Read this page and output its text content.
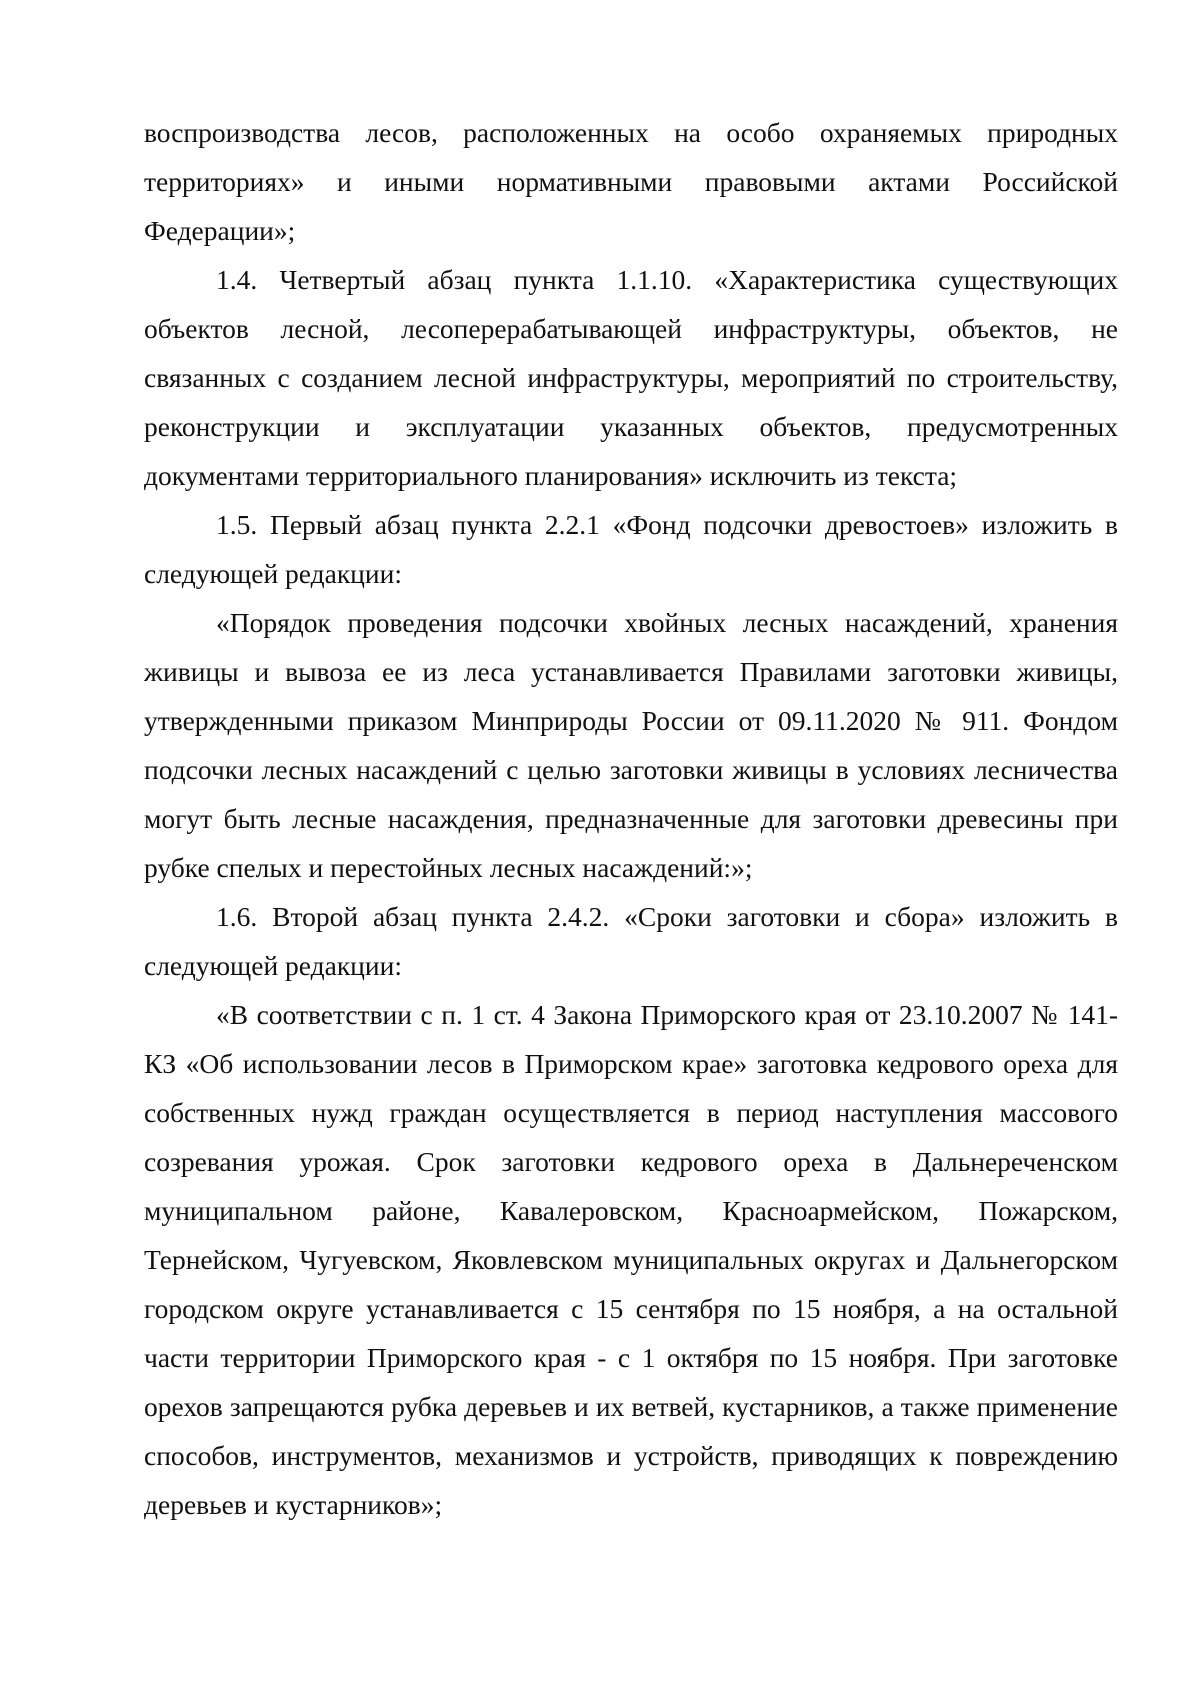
воспроизводства лесов, расположенных на особо охраняемых природных территориях» и иными нормативными правовыми актами Российской Федерации»;

1.4. Четвертый абзац пункта 1.1.10. «Характеристика существующих объектов лесной, лесоперерабатывающей инфраструктуры, объектов, не связанных с созданием лесной инфраструктуры, мероприятий по строительству, реконструкции и эксплуатации указанных объектов, предусмотренных документами территориального планирования» исключить из текста;

1.5. Первый абзац пункта 2.2.1 «Фонд подсочки древостоев» изложить в следующей редакции:

«Порядок проведения подсочки хвойных лесных насаждений, хранения живицы и вывоза ее из леса устанавливается Правилами заготовки живицы, утвержденными приказом Минприроды России от 09.11.2020 № 911. Фондом подсочки лесных насаждений с целью заготовки живицы в условиях лесничества могут быть лесные насаждения, предназначенные для заготовки древесины при рубке спелых и перестойных лесных насаждений:»;

1.6. Второй абзац пункта 2.4.2. «Сроки заготовки и сбора» изложить в следующей редакции:

«В соответствии с п. 1 ст. 4 Закона Приморского края от 23.10.2007 № 141-КЗ «Об использовании лесов в Приморском крае» заготовка кедрового ореха для собственных нужд граждан осуществляется в период наступления массового созревания урожая. Срок заготовки кедрового ореха в Дальнереченском муниципальном районе, Кавалеровском, Красноармейском, Пожарском, Тернейском, Чугуевском, Яковлевском муниципальных округах и Дальнегорском городском округе устанавливается с 15 сентября по 15 ноября, а на остальной части территории Приморского края - с 1 октября по 15 ноября. При заготовке орехов запрещаются рубка деревьев и их ветвей, кустарников, а также применение способов, инструментов, механизмов и устройств, приводящих к повреждению деревьев и кустарников»;
